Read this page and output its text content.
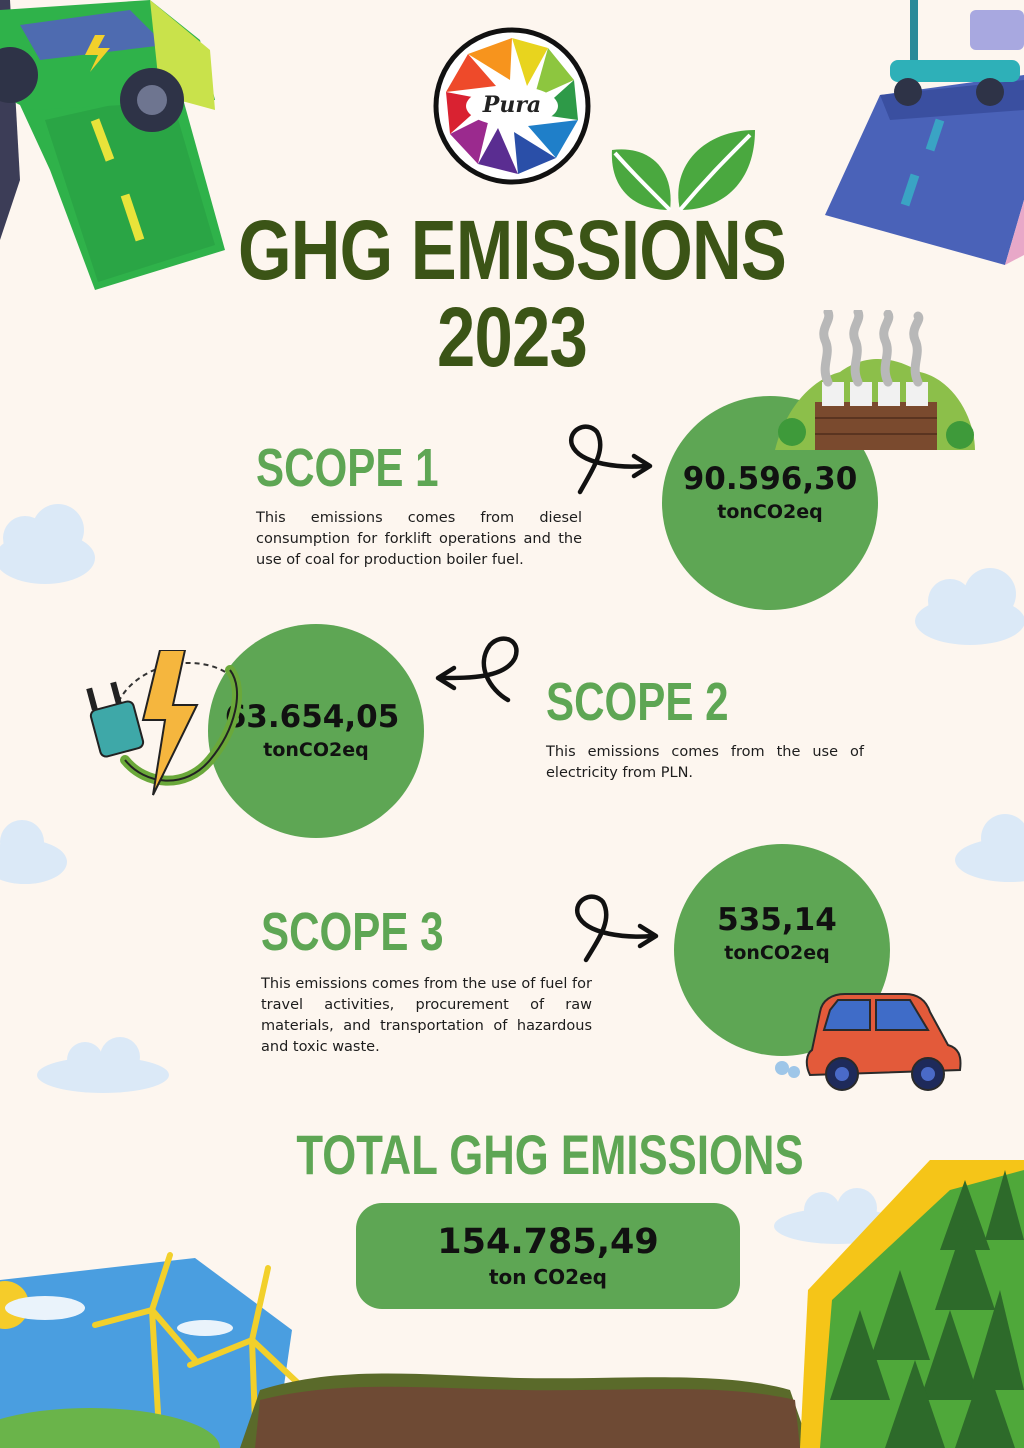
Pura
GHG EMISSIONS
2023
SCOPE 1
This emissions comes from diesel consumption for forklift operations and the use of coal for production boiler fuel.
90.596,30
tonCO2eq
63.654,05
tonCO2eq
SCOPE 2
This emissions comes from the use of electricity from PLN.
SCOPE 3
This emissions comes from the use of fuel for travel activities, procurement of raw materials, and transportation of hazardous and toxic waste.
535,14
tonCO2eq
TOTAL GHG EMISSIONS
154.785,49
ton CO2eq
